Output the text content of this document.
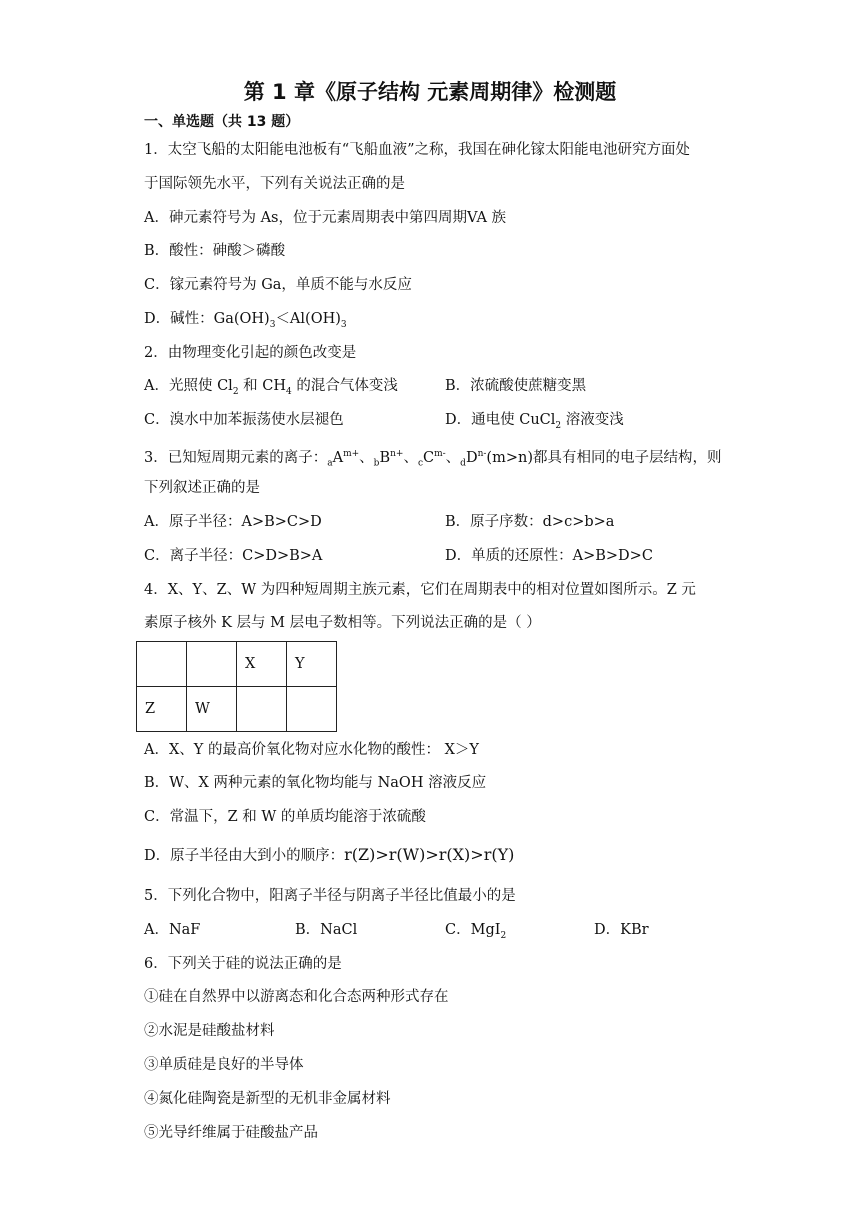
第 1 章《原子结构 元素周期律》检测题
一、单选题（共 13 题）
1．太空飞船的太阳能电池板有“飞船血液”之称，我国在砷化镓太阳能电池研究方面处
于国际领先水平，下列有关说法正确的是
A．砷元素符号为 As，位于元素周期表中第四周期VA 族
B．酸性：砷酸＞磷酸
C．镓元素符号为 Ga，单质不能与水反应
D．碱性：$Ga(OH)_3<Al(OH)_3$
2．由物理变化引起的颜色改变是
A．光照使 $Cl_2$ 和 $CH_4$ 的混合气体变浅	B．浓硫酸使蔗糖变黑
C．溴水中加苯振荡使水层褪色	D．通电使 CuCl$_2$ 溶液变浅
3．已知短周期元素的离子：$_aA^{m+}$、$_bB^{n+}$、$_cC^{m-}$、$_dD^{n-}(m>n)$都具有相同的电子层结构，则
下列叙述正确的是
A．原子半径：A>B>C>D	B．原子序数：d>c>b>a
C．离子半径：C>D>B>A	D．单质的还原性：A>B>D>C
4．X、Y、Z、W 为四种短周期主族元素，它们在周期表中的相对位置如图所示。Z 元
素原子核外 K 层与 M 层电子数相等。下列说法正确的是（ ）
		X	Y
Z	W		
A．X、Y 的最高价氧化物对应水化物的酸性： X＞Y
B．W、X 两种元素的氧化物均能与 NaOH 溶液反应
C．常温下，Z 和 W 的单质均能溶于浓硫酸
D．原子半径由大到小的顺序：r(Z)>r(W)>r(X)>r(Y)
5．下列化合物中，阳离子半径与阴离子半径比值最小的是
A．NaF	B．NaCl	C．MgI$_2$	D．KBr
6．下列关于硅的说法正确的是
①硅在自然界中以游离态和化合态两种形式存在
②水泥是硅酸盐材料
③单质硅是良好的半导体
④氮化硅陶瓷是新型的无机非金属材料
⑤光导纤维属于硅酸盐产品
